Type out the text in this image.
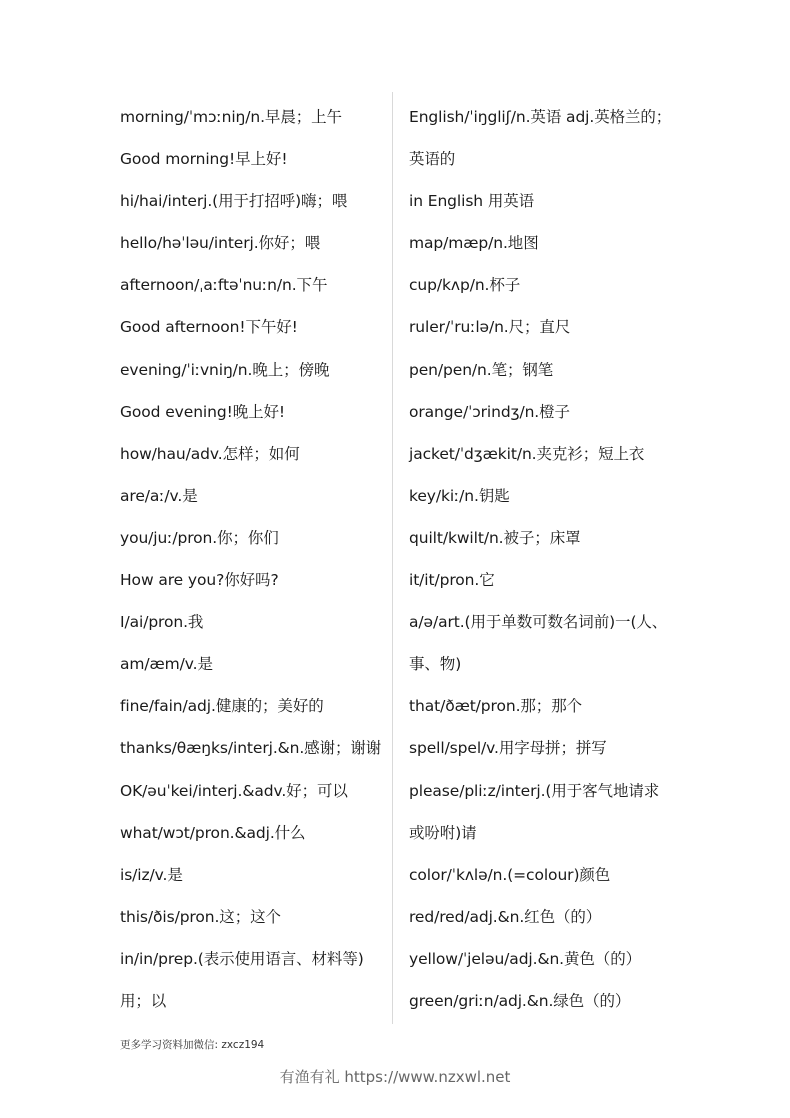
morning/ˈmɔːniŋ/n.早晨；上午
Good morning!早上好!
hi/hai/interj.(用于打招呼)嗨；喂
hello/həˈləu/interj.你好；喂
afternoon/ˌaːftəˈnuːn/n.下午
Good afternoon!下午好!
evening/ˈiːvniŋ/n.晚上；傍晚
Good evening!晚上好!
how/hau/adv.怎样；如何
are/aː/v.是
you/juː/pron.你；你们
How are you?你好吗?
I/ai/pron.我
am/æm/v.是
fine/fain/adj.健康的；美好的
thanks/θæŋks/interj.&n.感谢；谢谢
OK/əuˈkei/interj.&adv.好；可以
what/wɔt/pron.&adj.什么
is/iz/v.是
this/ðis/pron.这；这个
in/in/prep.(表示使用语言、材料等)
用；以
English/ˈiŋgliʃ/n.英语 adj.英格兰的；
英语的
in English 用英语
map/mæp/n.地图
cup/kʌp/n.杯子
ruler/ˈruːlə/n.尺；直尺
pen/pen/n.笔；钢笔
orange/ˈɔrindʒ/n.橙子
jacket/ˈdʒækit/n.夹克衫；短上衣
key/kiː/n.钥匙
quilt/kwilt/n.被子；床罩
it/it/pron.它
a/ə/art.(用于单数可数名词前)一(人、
事、物)
that/ðæt/pron.那；那个
spell/spel/v.用字母拼；拼写
please/pliːz/interj.(用于客气地请求
或吩咐)请
color/ˈkʌlə/n.(=colour)颜色
red/red/adj.&n.红色（的）
yellow/ˈjeləu/adj.&n.黄色（的）
green/griːn/adj.&n.绿色（的）
更多学习资料加微信: zxcz194
有渔有礼 https://www.nzxwl.net
